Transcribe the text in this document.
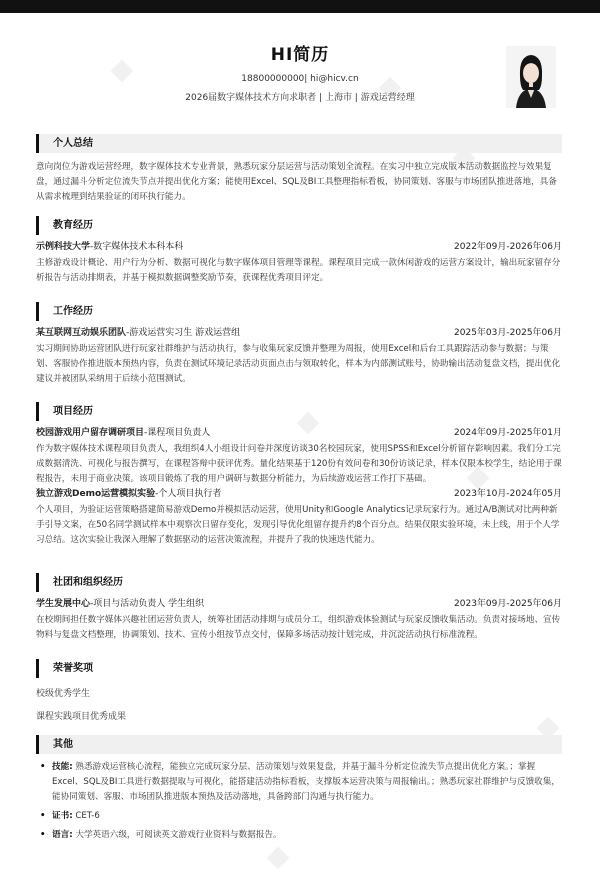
HI简历
18800000000| hi@hicv.cn
2026届数字媒体技术方向求职者 | 上海市 | 游戏运营经理
个人总结
意向岗位为游戏运营经理，数字媒体技术专业背景，熟悉玩家分层运营与活动策划全流程。在实习中独立完成版本活动数据监控与效果复盘，通过漏斗分析定位流失节点并提出优化方案；能使用Excel、SQL及BI工具整理指标看板，协同策划、客服与市场团队推进落地，具备从需求梳理到结果验证的闭环执行能力。
教育经历
示例科技大学-数字媒体技术本科本科	2022年09月-2026年06月
主修游戏设计概论、用户行为分析、数据可视化与数字媒体项目管理等课程。课程项目完成一款休闲游戏的运营方案设计，输出玩家留存分析报告与活动排期表，并基于模拟数据调整奖励节奏，获课程优秀项目评定。
工作经历
某互联网互动娱乐团队-游戏运营实习生 游戏运营组	2025年03月-2025年06月
实习期间协助运营团队进行玩家社群维护与活动执行，参与收集玩家反馈并整理为周报，使用Excel和后台工具跟踪活动参与数据；与策划、客服协作推进版本预热内容，负责在测试环境记录活动页面点击与领取转化，样本为内部测试账号，协助输出活动复盘文档，提出优化建议并被团队采纳用于后续小范围测试。
项目经历
校园游戏用户留存调研项目-课程项目负责人	2024年09月-2025年01月
作为数字媒体技术课程项目负责人，我组织4人小组设计问卷并深度访谈30名校园玩家，使用SPSS和Excel分析留存影响因素。我们分工完成数据清洗、可视化与报告撰写，在课程答辩中获评优秀。量化结果基于120份有效问卷和30份访谈记录，样本仅限本校学生，结论用于课程报告，未用于商业决策。该项目锻炼了我的用户调研与数据分析能力，为后续游戏运营工作打下基础。
独立游戏Demo运营模拟实验-个人项目执行者	2023年10月-2024年05月
个人项目，为验证运营策略搭建简易游戏Demo并模拟活动运营，使用Unity和Google Analytics记录玩家行为。通过A/B测试对比两种新手引导文案，在50名同学测试样本中观察次日留存变化，发现引导优化组留存提升约8个百分点。结果仅限实验环境，未上线，用于个人学习总结。这次实验让我深入理解了数据驱动的运营决策流程，并提升了我的快速迭代能力。
社团和组织经历
学生发展中心-项目与活动负责人 学生组织	2023年09月-2025年06月
在校期间担任数字媒体兴趣社团运营负责人，统筹社团活动排期与成员分工，组织游戏体验测试与玩家反馈收集活动。负责对接场地、宣传物料与复盘文档整理，协调策划、技术、宣传小组按节点交付，保障多场活动按计划完成，并沉淀活动执行标准流程。
荣誉奖项
校级优秀学生
课程实践项目优秀成果
其他
• 技能: 熟悉游戏运营核心流程，能独立完成玩家分层、活动策划与效果复盘，并基于漏斗分析定位流失节点提出优化方案。；掌握Excel、SQL及BI工具进行数据提取与可视化，能搭建活动指标看板，支撑版本运营决策与周报输出。；熟悉玩家社群维护与反馈收集，能协同策划、客服、市场团队推进版本预热及活动落地，具备跨部门沟通与执行能力。
• 证书: CET-6
• 语言: 大学英语六级，可阅读英文游戏行业资料与数据报告。
